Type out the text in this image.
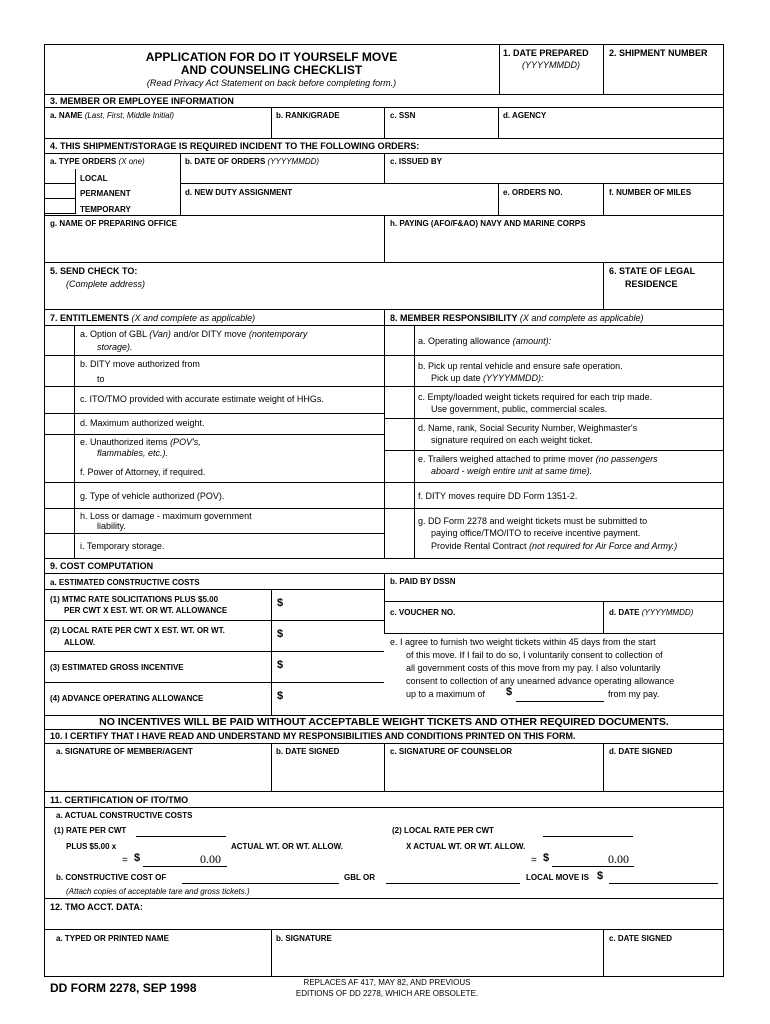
APPLICATION FOR DO IT YOURSELF MOVE
AND COUNSELING CHECKLIST
(Read Privacy Act Statement on back before completing form.)
1. DATE PREPARED
(YYYYMMDD)
2. SHIPMENT NUMBER
3. MEMBER OR EMPLOYEE INFORMATION
a. NAME (Last, First, Middle Initial)	b. RANK/GRADE	c. SSN	d. AGENCY
4. THIS SHIPMENT/STORAGE IS REQUIRED INCIDENT TO THE FOLLOWING ORDERS:
a. TYPE ORDERS (X one)	b. DATE OF ORDERS (YYYYMMDD)	c. ISSUED BY
LOCAL
PERMANENT
TEMPORARY
d. NEW DUTY ASSIGNMENT	e. ORDERS NO.	f. NUMBER OF MILES
g. NAME OF PREPARING OFFICE	h. PAYING (AFO/F&AO) NAVY AND MARINE CORPS
5. SEND CHECK TO:
(Complete address)
6. STATE OF LEGAL
RESIDENCE
7. ENTITLEMENTS (X and complete as applicable)	8. MEMBER RESPONSIBILITY (X and complete as applicable)
a. Option of GBL (Van) and/or DITY move (nontemporary
storage).
b. DITY move authorized from
to
c. ITO/TMO provided with accurate estimate weight of HHGs.
d. Maximum authorized weight.
e. Unauthorized items (POV's,
flammables, etc.).
f. Power of Attorney, if required.
g. Type of vehicle authorized (POV).
h. Loss or damage - maximum government
liability.
i. Temporary storage.
a. Operating allowance (amount):
b. Pick up rental vehicle and ensure safe operation.
Pick up date (YYYYMMDD):
c. Empty/loaded weight tickets required for each trip made.
Use government, public, commercial scales.
d. Name, rank, Social Security Number, Weighmaster's
signature required on each weight ticket.
e. Trailers weighed attached to prime mover (no passengers
aboard - weigh entire unit at same time).
f. DITY moves require DD Form 1351-2.
g. DD Form 2278 and weight tickets must be submitted to
paying office/TMO/ITO to receive incentive payment.
Provide Rental Contract (not required for Air Force and Army.)
9. COST COMPUTATION
a. ESTIMATED CONSTRUCTIVE COSTS	b. PAID BY DSSN
(1) MTMC RATE SOLICITATIONS PLUS $5.00
PER CWT X EST. WT. OR WT. ALLOWANCE
$
c. VOUCHER NO.	d. DATE (YYYYMMDD)
(2) LOCAL RATE PER CWT X EST. WT. OR WT.
ALLOW.
$
(3) ESTIMATED GROSS INCENTIVE	$
(4) ADVANCE OPERATING ALLOWANCE	$
e. I agree to furnish two weight tickets within 45 days from the start
of this move. If I fail to do so, I voluntarily consent to collection of
all government costs of this move from my pay. I also voluntarily
consent to collection of any unearned advance operating allowance
up to a maximum of $	from my pay.
NO INCENTIVES WILL BE PAID WITHOUT ACCEPTABLE WEIGHT TICKETS AND OTHER REQUIRED DOCUMENTS.
10. I CERTIFY THAT I HAVE READ AND UNDERSTAND MY RESPONSIBILITIES AND CONDITIONS PRINTED ON THIS FORM.
a. SIGNATURE OF MEMBER/AGENT	b. DATE SIGNED	c. SIGNATURE OF COUNSELOR	d. DATE SIGNED
11. CERTIFICATION OF ITO/TMO
a. ACTUAL CONSTRUCTIVE COSTS
(1) RATE PER CWT	(2) LOCAL RATE PER CWT
PLUS $5.00 x	ACTUAL WT. OR WT. ALLOW.	X ACTUAL WT. OR WT. ALLOW.
= $	0.00	= $	0.00
b. CONSTRUCTIVE COST OF	GBL OR	LOCAL MOVE IS $
(Attach copies of acceptable tare and gross tickets.)
12. TMO ACCT. DATA:
a. TYPED OR PRINTED NAME	b. SIGNATURE	c. DATE SIGNED
DD FORM 2278, SEP 1998	REPLACES AF 417, MAY 82, AND PREVIOUS
EDITIONS OF DD 2278, WHICH ARE OBSOLETE.
